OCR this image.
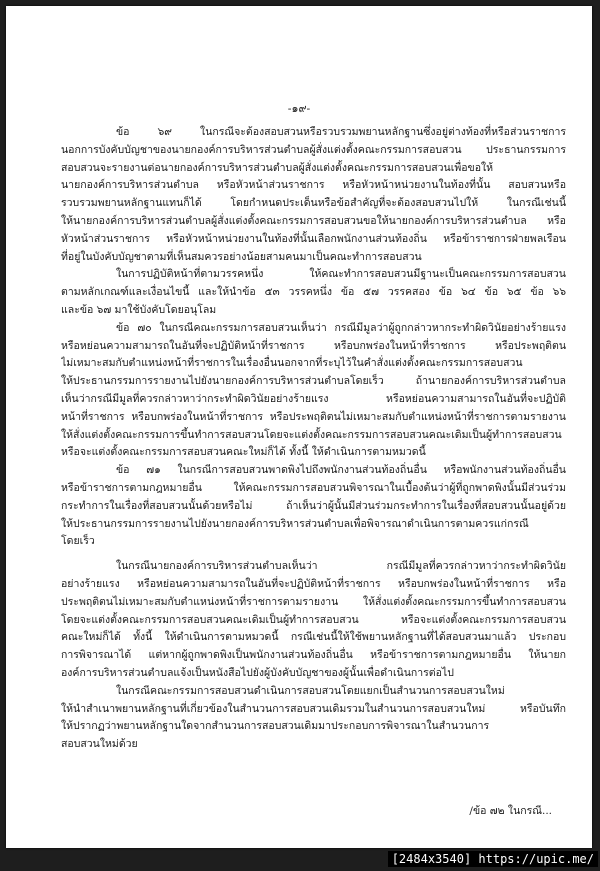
-๑๙-
ข้อ ๖๙ ในกรณีจะต้องสอบสวนหรือรวบรวมพยานหลักฐานซึ่งอยู่ต่างท้องที่หรือส่วนราชการ
นอกการบังคับบัญชาของนายกองค์การบริหารส่วนตำบลผู้สั่งแต่งตั้งคณะกรรมการสอบสวน ประธานกรรมการ
สอบสวนจะรายงานต่อนายกองค์การบริหารส่วนตำบลผู้สั่งแต่งตั้งคณะกรรมการสอบสวนเพื่อขอให้
นายกองค์การบริหารส่วนตำบล หรือหัวหน้าส่วนราชการ หรือหัวหน้าหน่วยงานในท้องที่นั้น สอบสวนหรือ
รวบรวมพยานหลักฐานแทนก็ได้ โดยกำหนดประเด็นหรือข้อสำคัญที่จะต้องสอบสวนไปให้ ในกรณีเช่นนี้
ให้นายกองค์การบริหารส่วนตำบลผู้สั่งแต่งตั้งคณะกรรมการสอบสวนขอให้นายกองค์การบริหารส่วนตำบล หรือ
หัวหน้าส่วนราชการ หรือหัวหน้าหน่วยงานในท้องที่นั้นเลือกพนักงานส่วนท้องถิ่น หรือข้าราชการฝ่ายพลเรือน
ที่อยู่ในบังคับบัญชาตามที่เห็นสมควรอย่างน้อยสามคนมาเป็นคณะทำการสอบสวน
ในการปฏิบัติหน้าที่ตามวรรคหนึ่ง ให้คณะทำการสอบสวนมีฐานะเป็นคณะกรรมการสอบสวน
ตามหลักเกณฑ์และเงื่อนไขนี้ และให้นำข้อ ๕๓ วรรคหนึ่ง ข้อ ๕๗ วรรคสอง ข้อ ๖๔ ข้อ ๖๕ ข้อ ๖๖
และข้อ ๖๗ มาใช้บังคับโดยอนุโลม
ข้อ ๗๐ ในกรณีคณะกรรมการสอบสวนเห็นว่า กรณีมีมูลว่าผู้ถูกกล่าวหากระทำผิดวินัยอย่างร้ายแรง
หรือหย่อนความสามารถในอันที่จะปฏิบัติหน้าที่ราชการ หรือบกพร่องในหน้าที่ราชการ หรือประพฤติตน
ไม่เหมาะสมกับตำแหน่งหน้าที่ราชการในเรื่องอื่นนอกจากที่ระบุไว้ในคำสั่งแต่งตั้งคณะกรรมการสอบสวน
ให้ประธานกรรมการรายงานไปยังนายกองค์การบริหารส่วนตำบลโดยเร็ว ถ้านายกองค์การบริหารส่วนตำบล
เห็นว่ากรณีมีมูลที่ควรกล่าวหาว่ากระทำผิดวินัยอย่างร้ายแรง หรือหย่อนความสามารถในอันที่จะปฏิบัติ
หน้าที่ราชการ หรือบกพร่องในหน้าที่ราชการ หรือประพฤติตนไม่เหมาะสมกับตำแหน่งหน้าที่ราชการตามรายงาน
ให้สั่งแต่งตั้งคณะกรรมการขึ้นทำการสอบสวนโดยจะแต่งตั้งคณะกรรมการสอบสวนคณะเดิมเป็นผู้ทำการสอบสวน
หรือจะแต่งตั้งคณะกรรมการสอบสวนคณะใหม่ก็ได้ ทั้งนี้ ให้ดำเนินการตามหมวดนี้
ข้อ ๗๑ ในกรณีการสอบสวนพาดพิงไปถึงพนักงานส่วนท้องถิ่นอื่น หรือพนักงานส่วนท้องถิ่นอื่น
หรือข้าราชการตามกฎหมายอื่น ให้คณะกรรมการสอบสวนพิจารณาในเบื้องต้นว่าผู้ที่ถูกพาดพิงนั้นมีส่วนร่วม
กระทำการในเรื่องที่สอบสวนนั้นด้วยหรือไม่ ถ้าเห็นว่าผู้นั้นมีส่วนร่วมกระทำการในเรื่องที่สอบสวนนั้นอยู่ด้วย
ให้ประธานกรรมการรายงานไปยังนายกองค์การบริหารส่วนตำบลเพื่อพิจารณาดำเนินการตามควรแก่กรณี
โดยเร็ว
ในกรณีนายกองค์การบริหารส่วนตำบลเห็นว่า กรณีมีมูลที่ควรกล่าวหาว่ากระทำผิดวินัย
อย่างร้ายแรง หรือหย่อนความสามารถในอันที่จะปฏิบัติหน้าที่ราชการ หรือบกพร่องในหน้าที่ราชการ หรือ
ประพฤติตนไม่เหมาะสมกับตำแหน่งหน้าที่ราชการตามรายงาน ให้สั่งแต่งตั้งคณะกรรมการขึ้นทำการสอบสวน
โดยจะแต่งตั้งคณะกรรมการสอบสวนคณะเดิมเป็นผู้ทำการสอบสวน หรือจะแต่งตั้งคณะกรรมการสอบสวน
คณะใหม่ก็ได้ ทั้งนี้ ให้ดำเนินการตามหมวดนี้ กรณีเช่นนี้ให้ใช้พยานหลักฐานที่ได้สอบสวนมาแล้ว ประกอบ
การพิจารณาได้ แต่หากผู้ถูกพาดพิงเป็นพนักงานส่วนท้องถิ่นอื่น หรือข้าราชการตามกฎหมายอื่น ให้นายก
องค์การบริหารส่วนตำบลแจ้งเป็นหนังสือไปยังผู้บังคับบัญชาของผู้นั้นเพื่อดำเนินการต่อไป
ในกรณีคณะกรรมการสอบสวนดำเนินการสอบสวนโดยแยกเป็นสำนวนการสอบสวนใหม่
ให้นำสำเนาพยานหลักฐานที่เกี่ยวข้องในสำนวนการสอบสวนเดิมรวมในสำนวนการสอบสวนใหม่ หรือบันทึก
ให้ปรากฏว่าพยานหลักฐานใดจากสำนวนการสอบสวนเดิมมาประกอบการพิจารณาในสำนวนการ
สอบสวนใหม่ด้วย
/ข้อ ๗๒ ในกรณี...
[2484x3540] https://upic.me/
